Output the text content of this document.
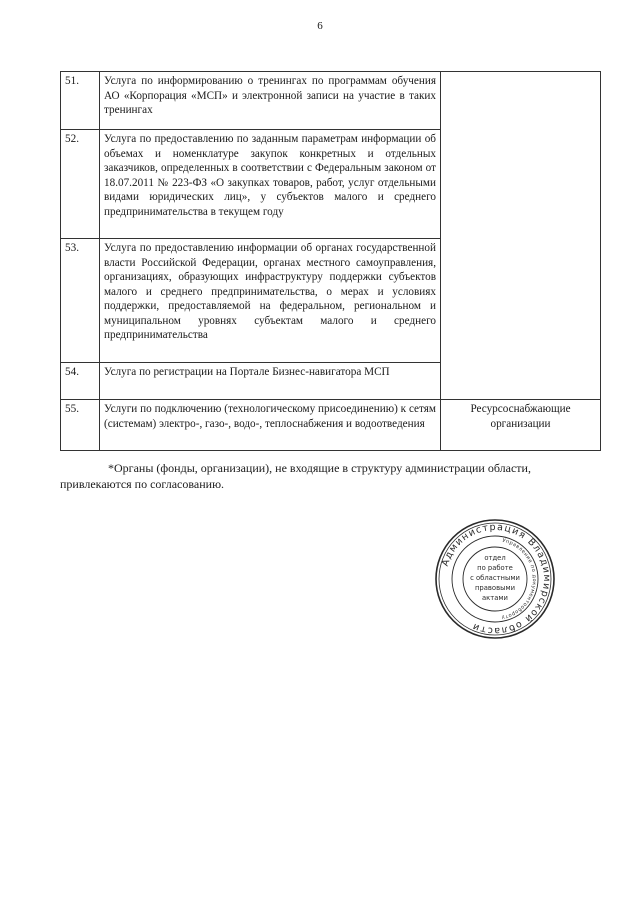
6
51.	Услуга по информированию о тренингах по программам обучения АО «Корпорация «МСП» и электронной записи на участие в таких тренингах	
52.	Услуга по предоставлению по заданным параметрам информации об объемах и номенклатуре закупок конкретных и отдельных заказчиков, определенных в соответствии с Федеральным законом от 18.07.2011 № 223-ФЗ «О закупках товаров, работ, услуг отдельными видами юридических лиц», у субъектов малого и среднего предпринимательства в текущем году	
53.	Услуга по предоставлению информации об органах государственной власти Российской Федерации, органах местного самоуправления, организациях, образующих инфраструктуру поддержки субъектов малого и среднего предпринимательства, о мерах и условиях поддержки, предоставляемой на федеральном, региональном и муниципальном уровнях субъектам малого и среднего предпринимательства	
54.	Услуга по регистрации на Портале Бизнес-навигатора МСП	
55.	Услуги по подключению (технологическому присоединению) к сетям (системам) электро-, газо-, водо-, теплоснабжения и водоотведения	Ресурсоснабжающие организации
*Органы (фонды, организации), не входящие в структуру администрации области,
привлекаются по согласованию.
Администрация Владимирской области
Управление по документообороту
отдел
по работе
с областными
правовыми
актами
